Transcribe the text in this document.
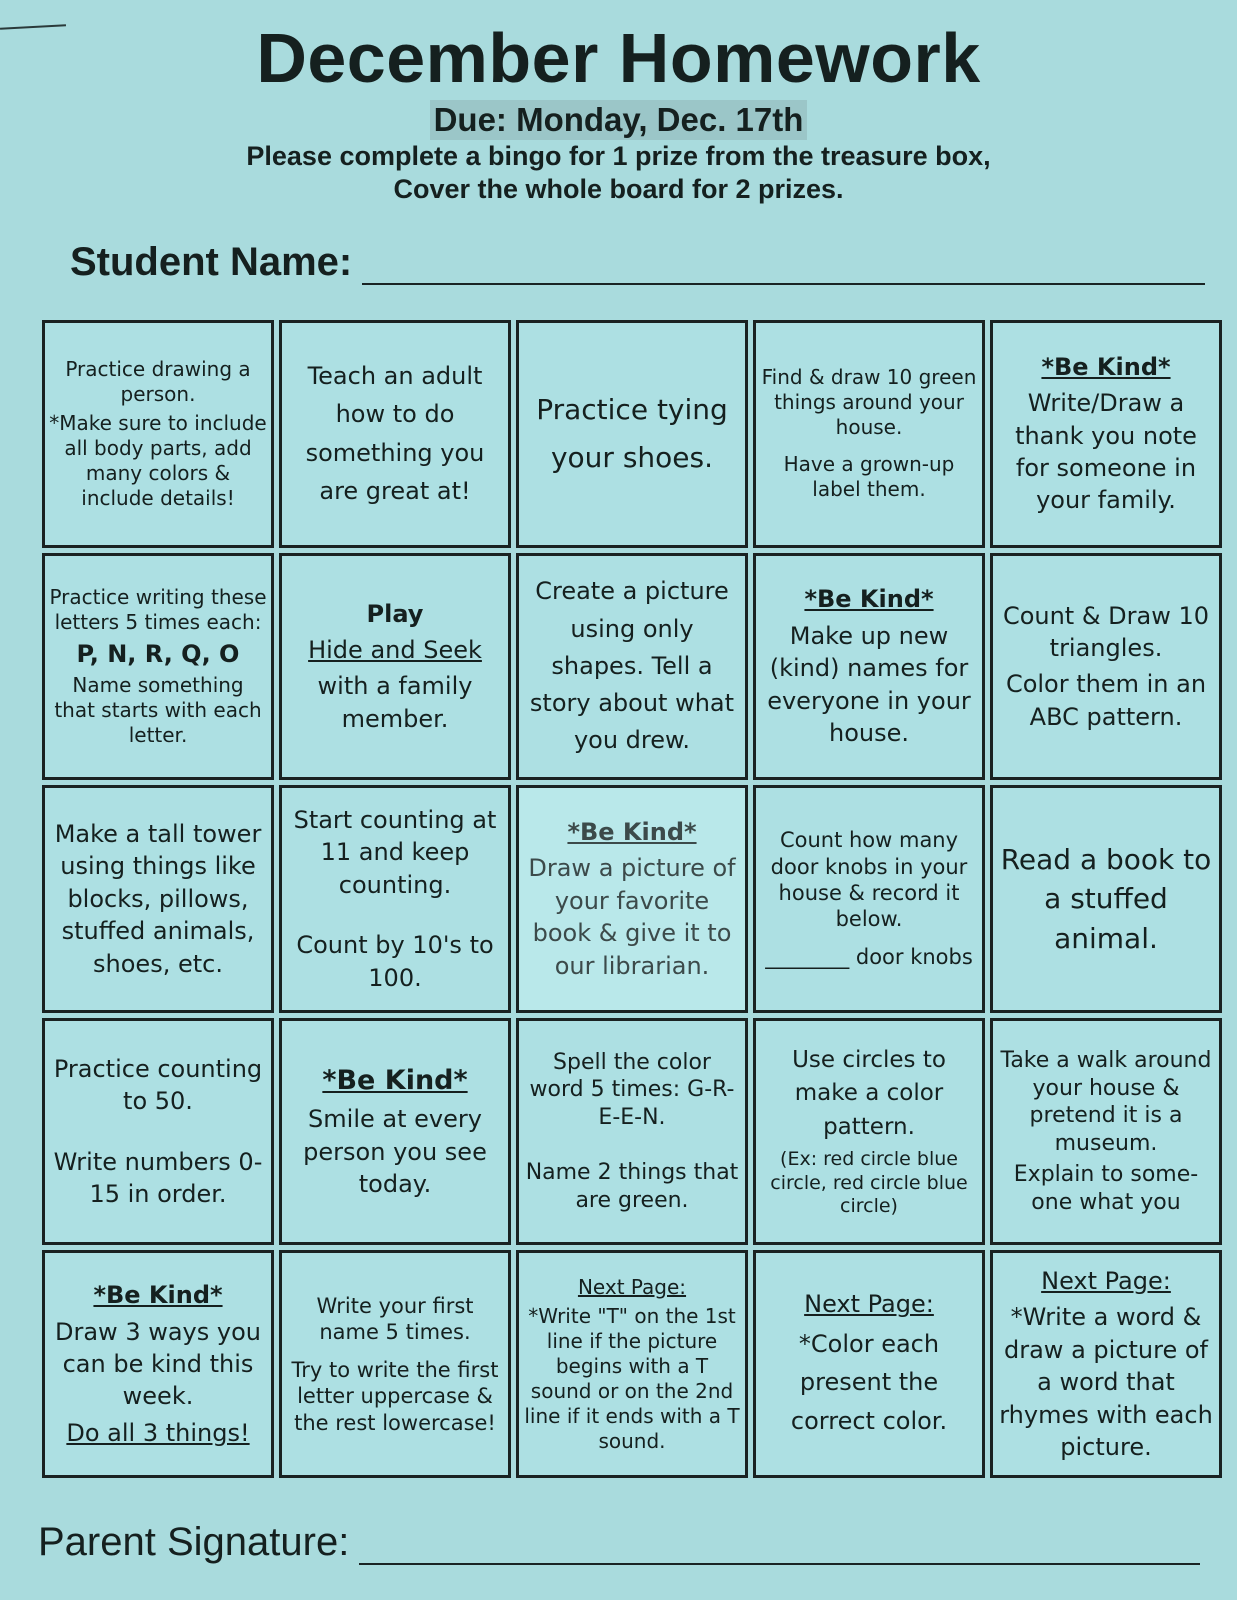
December Homework
Due: Monday, Dec. 17th
Please complete a bingo for 1 prize from the treasure box,
Cover the whole board for 2 prizes.
Student Name:
Practice drawing a person.
*Make sure to include all body parts, add many colors & include details!
Teach an adult how to do something you are great at!
Practice tying your shoes.
Find & draw 10 green things around your house.
Have a grown-up label them.
*Be Kind*
Write/Draw a thank you note for someone in your family.
Practice writing these letters 5 times each:
P, N, R, Q, O
Name something that starts with each letter.
Play
Hide and Seek
with a family member.
Create a picture using only shapes. Tell a story about what you drew.
*Be Kind*
Make up new (kind) names for everyone in your house.
Count & Draw 10 triangles.
Color them in an ABC pattern.
Make a tall tower using things like blocks, pillows, stuffed animals, shoes, etc.
Start counting at 11 and keep counting.
Count by 10's to 100.
*Be Kind*
Draw a picture of your favorite book & give it to our librarian.
Count how many door knobs in your house & record it below.
________ door knobs
Read a book to a stuffed animal.
Practice counting to 50.
Write numbers 0-15 in order.
*Be Kind*
Smile at every person you see today.
Spell the color word 5 times: G-R-E-E-N.
Name 2 things that are green.
Use circles to make a color pattern.
(Ex: red circle blue circle, red circle blue circle)
Take a walk around your house & pretend it is a museum.
Explain to some-one what you
*Be Kind*
Draw 3 ways you can be kind this week.
Do all 3 things!
Write your first name 5 times.
Try to write the first letter uppercase & the rest lowercase!
Next Page:
*Write "T" on the 1st line if the picture begins with a T sound or on the 2nd line if it ends with a T sound.
Next Page:
*Color each present the correct color.
Next Page:
*Write a word & draw a picture of a word that rhymes with each picture.
Parent Signature:
